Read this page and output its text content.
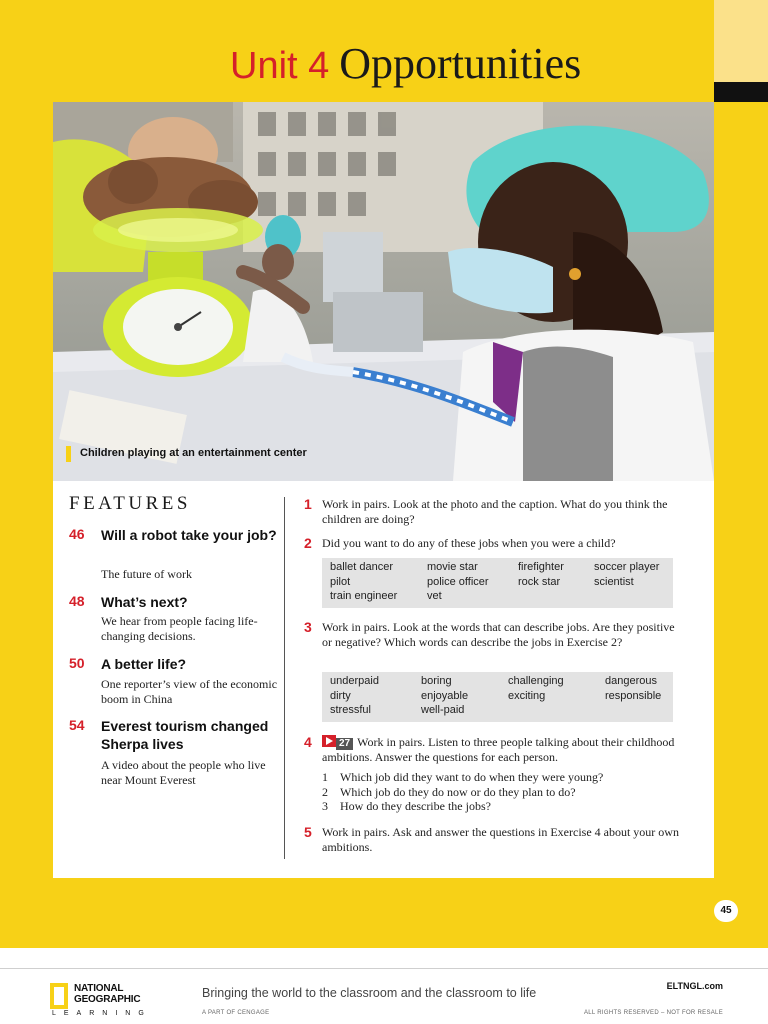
Unit 4 Opportunities
Children playing at an entertainment center
FEATURES
46 Will a robot take your job?
The future of work
48 What’s next?
We hear from people facing life-changing decisions.
50 A better life?
One reporter’s view of the economic boom in China
54 Everest tourism changed Sherpa lives
A video about the people who live near Mount Everest
1 Work in pairs. Look at the photo and the caption. What do you think the children are doing?
2 Did you want to do any of these jobs when you were a child?
ballet dancer	movie star	firefighter	soccer player
pilot	police officer	rock star	scientist
train engineer	vet
3 Work in pairs. Look at the words that can describe jobs. Are they positive or negative? Which words can describe the jobs in Exercise 2?
underpaid	boring	challenging	dangerous
dirty	enjoyable	exciting	responsible
stressful	well-paid
4	27 Work in pairs. Listen to three people talking about their childhood ambitions. Answer the questions for each person.
1 Which job did they want to do when they were young?
2 Which job do they do now or do they plan to do?
3 How do they describe the jobs?
5 Work in pairs. Ask and answer the questions in Exercise 4 about your own ambitions.
45
NATIONAL
GEOGRAPHIC
LEARNING
Bringing the world to the classroom and the classroom to life
A PART OF CENGAGE
ELTNGL.com
ALL RIGHTS RESERVED – NOT FOR RESALE
